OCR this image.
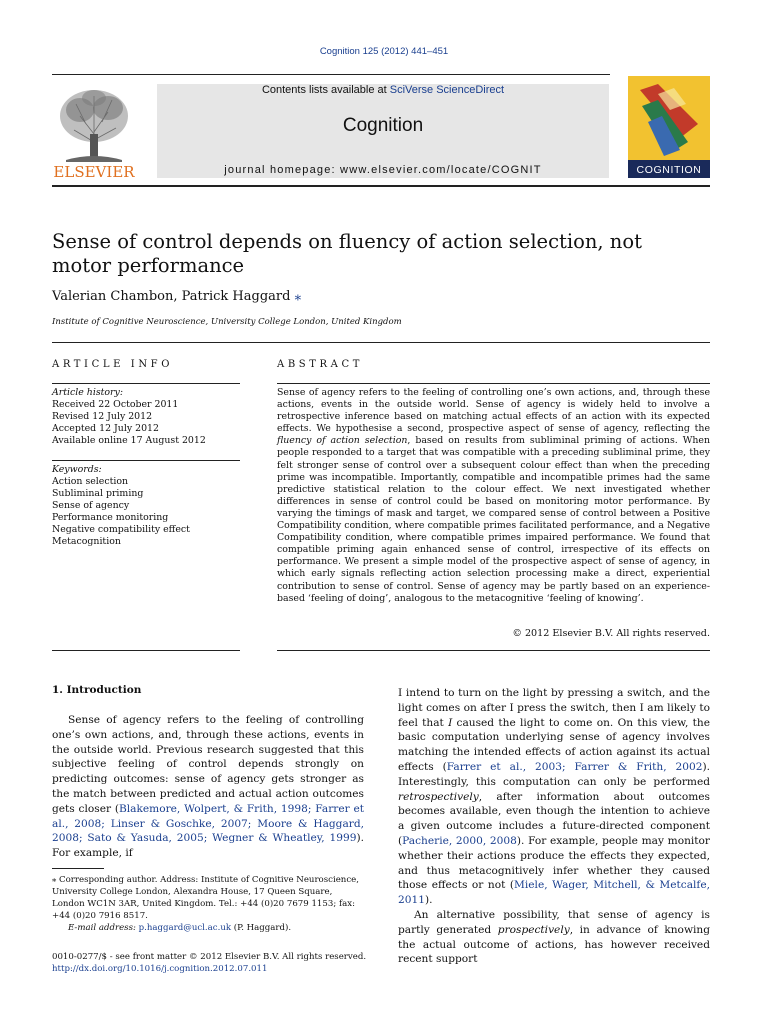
Cognition 125 (2012) 441–451
ELSEVIER
Contents lists available at SciVerse ScienceDirect
Cognition
journal homepage: www.elsevier.com/locate/COGNIT	COGNITION
Sense of control depends on fluency of action selection, not motor performance
Valerian Chambon, Patrick Haggard ⁎
Institute of Cognitive Neuroscience, University College London, United Kingdom
ARTICLE INFO	ABSTRACT
Article history:
Received 22 October 2011
Revised 12 July 2012
Accepted 12 July 2012
Available online 17 August 2012
Keywords:
Action selection
Subliminal priming
Sense of agency
Performance monitoring
Negative compatibility effect
Metacognition
Sense of agency refers to the feeling of controlling one’s own actions, and, through these actions, events in the outside world. Sense of agency is widely held to involve a retrospective inference based on matching actual effects of an action with its expected effects. We hypothesise a second, prospective aspect of sense of agency, reflecting the fluency of action selection, based on results from subliminal priming of actions. When people responded to a target that was compatible with a preceding subliminal prime, they felt stronger sense of control over a subsequent colour effect than when the preceding prime was incompatible. Importantly, compatible and incompatible primes had the same predictive statistical relation to the colour effect. We next investigated whether differences in sense of control could be based on monitoring motor performance. By varying the timings of mask and target, we compared sense of control between a Positive Compatibility condition, where compatible primes facilitated performance, and a Negative Compatibility condition, where compatible primes impaired performance. We found that compatible priming again enhanced sense of control, irrespective of its effects on performance. We present a simple model of the prospective aspect of sense of agency, in which early signals reflecting action selection processing make a direct, experiential contribution to sense of control. Sense of agency may be partly based on an experience-based ‘feeling of doing’, analogous to the metacognitive ‘feeling of knowing’.
© 2012 Elsevier B.V. All rights reserved.
1. Introduction
Sense of agency refers to the feeling of controlling one’s own actions, and, through these actions, events in the outside world. Previous research suggested that this subjective feeling of control depends strongly on predicting outcomes: sense of agency gets stronger as the match between predicted and actual action outcomes gets closer (Blakemore, Wolpert, & Frith, 1998; Farrer et al., 2008; Linser & Goschke, 2007; Moore & Haggard, 2008; Sato & Yasuda, 2005; Wegner & Wheatley, 1999). For example, if

I intend to turn on the light by pressing a switch, and the light comes on after I press the switch, then I am likely to feel that I caused the light to come on. On this view, the basic computation underlying sense of agency involves matching the intended effects of action against its actual effects (Farrer et al., 2003; Farrer & Frith, 2002). Interestingly, this computation can only be performed retrospectively, after information about outcomes becomes available, even though the intention to achieve a given outcome includes a future-directed component (Pacherie, 2000, 2008). For example, people may monitor whether their actions produce the effects they expected, and thus metacognitively infer whether they caused those effects or not (Miele, Wager, Mitchell, & Metcalfe, 2011).

An alternative possibility, that sense of agency is partly generated prospectively, in advance of knowing the actual outcome of actions, has however received recent support

⁎ Corresponding author. Address: Institute of Cognitive Neuroscience, University College London, Alexandra House, 17 Queen Square, London WC1N 3AR, United Kingdom. Tel.: +44 (0)20 7679 1153; fax: +44 (0)20 7916 8517.
E-mail address: p.haggard@ucl.ac.uk (P. Haggard).
0010-0277/$ - see front matter © 2012 Elsevier B.V. All rights reserved.
http://dx.doi.org/10.1016/j.cognition.2012.07.011
